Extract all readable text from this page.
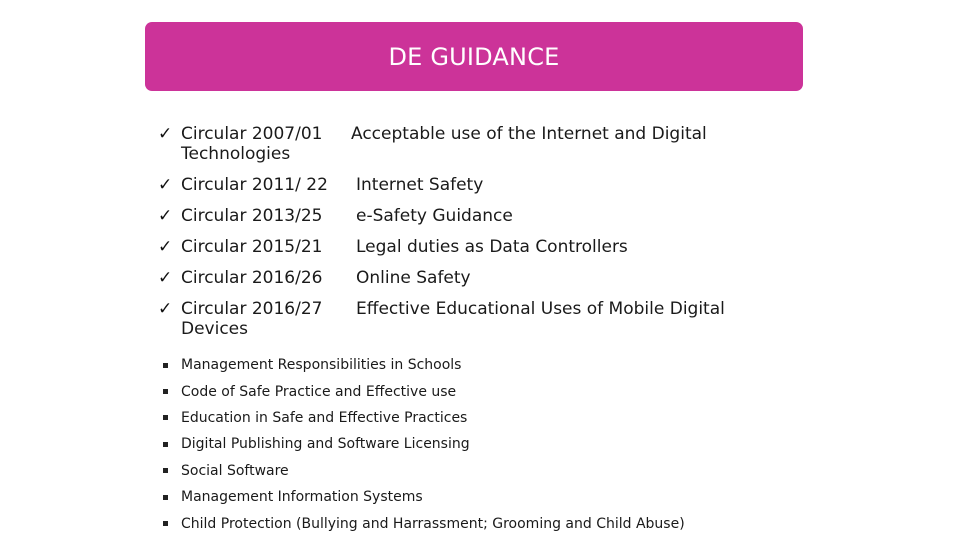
DE GUIDANCE
✓ Circular 2007/01 Acceptable use of the Internet and Digital
Technologies
✓ Circular 2011/ 22 Internet Safety
✓ Circular 2013/25 e-Safety Guidance
✓ Circular 2015/21 Legal duties as Data Controllers
✓ Circular 2016/26 Online Safety
✓ Circular 2016/27 Effective Educational Uses of Mobile Digital
Devices
Management Responsibilities in Schools
Code of Safe Practice and Effective use
Education in Safe and Effective Practices
Digital Publishing and Software Licensing
Social Software
Management Information Systems
Child Protection (Bullying and Harrassment; Grooming and Child Abuse)
